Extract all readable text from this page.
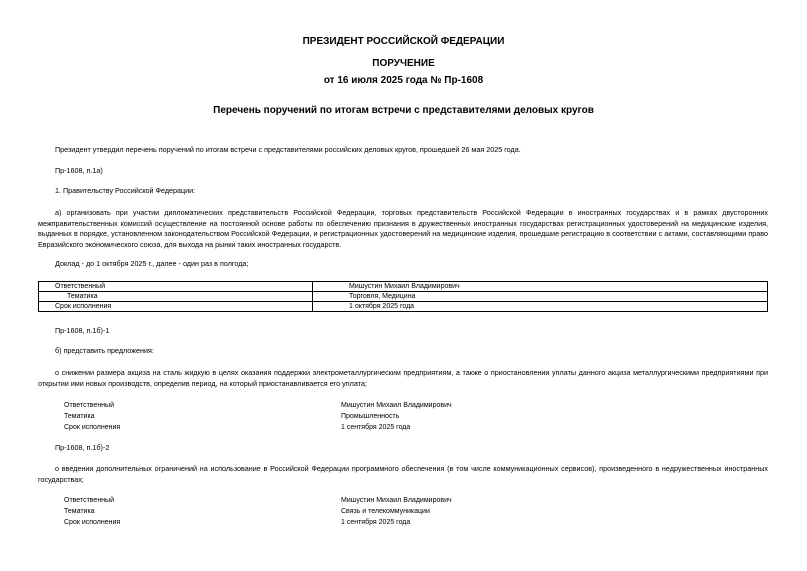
ПРЕЗИДЕНТ РОССИЙСКОЙ ФЕДЕРАЦИИ
ПОРУЧЕНИЕ
от 16 июля 2025 года № Пр-1608
Перечень поручений по итогам встречи с представителями деловых кругов
Президент утвердил перечень поручений по итогам встречи с представителями российских деловых кругов, прошедшей 26 мая 2025 года.
Пр-1608, п.1а)
1. Правительству Российской Федерации:
а) организовать при участии дипломатических представительств Российской Федерации, торговых представительств Российской Федерации в иностранных государствах и в рамках двусторонних межправительственных комиссий осуществление на постоянной основе работы по обеспечению признания в дружественных иностранных государствах регистрационных удостоверений на медицинские изделия, выданных в порядке, установленном законодательством Российской Федерации, и регистрационных удостоверений на медицинские изделия, прошедшие регистрацию в соответствии с актами, составляющими право Евразийского экономического союза, для выхода на рынки таких иностранных государств.
Доклад - до 1 октября 2025 г., далее - один раз в полгода;
Ответственный	Мишустин Михаил Владимирович
Тематика	Торговля, Медицина
Срок исполнения	1 октября 2025 года
Пр-1608, п.1б)-1
б) представить предложения:
о снижении размера акциза на сталь жидкую в целях оказания поддержки электрометаллургическим предприятиям, а также о приостановлении уплаты данного акциза металлургическими предприятиями при открытии ими новых производств, определив период, на который приостанавливается его уплата;
Ответственный	Мишустин Михаил Владимирович
Тематика	Промышленность
Срок исполнения	1 сентября 2025 года
Пр-1608, п.1б)-2
о введении дополнительных ограничений на использование в Российской Федерации программного обеспечения (в том числе коммуникационных сервисов), произведенного в недружественных иностранных государствах;
Ответственный	Мишустин Михаил Владимирович
Тематика	Связь и телекоммуникации
Срок исполнения	1 сентября 2025 года
